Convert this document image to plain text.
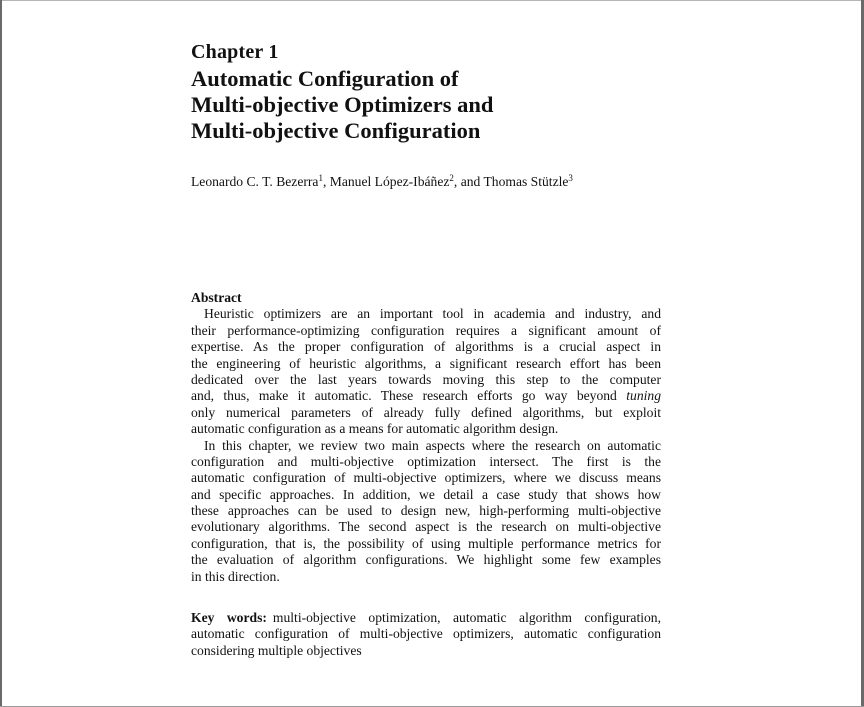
Chapter 1
Automatic Configuration of
Multi-objective Optimizers and
Multi-objective Configuration
Leonardo C. T. Bezerra$^1$, Manuel López-Ibáñez$^2$, and Thomas Stützle$^3$
Abstract
Heuristic optimizers are an important tool in academia and industry, and
their performance-optimizing configuration requires a significant amount of
expertise. As the proper configuration of algorithms is a crucial aspect in
the engineering of heuristic algorithms, a significant research effort has been
dedicated over the last years towards moving this step to the computer
and, thus, make it automatic. These research efforts go way beyond tuning
only numerical parameters of already fully defined algorithms, but exploit
automatic configuration as a means for automatic algorithm design.
In this chapter, we review two main aspects where the research on automatic
configuration and multi-objective optimization intersect. The first is the
automatic configuration of multi-objective optimizers, where we discuss means
and specific approaches. In addition, we detail a case study that shows how
these approaches can be used to design new, high-performing multi-objective
evolutionary algorithms. The second aspect is the research on multi-objective
configuration, that is, the possibility of using multiple performance metrics for
the evaluation of algorithm configurations. We highlight some few examples
in this direction.
Key words: multi-objective optimization, automatic algorithm configuration,
automatic configuration of multi-objective optimizers, automatic configuration
considering multiple objectives
